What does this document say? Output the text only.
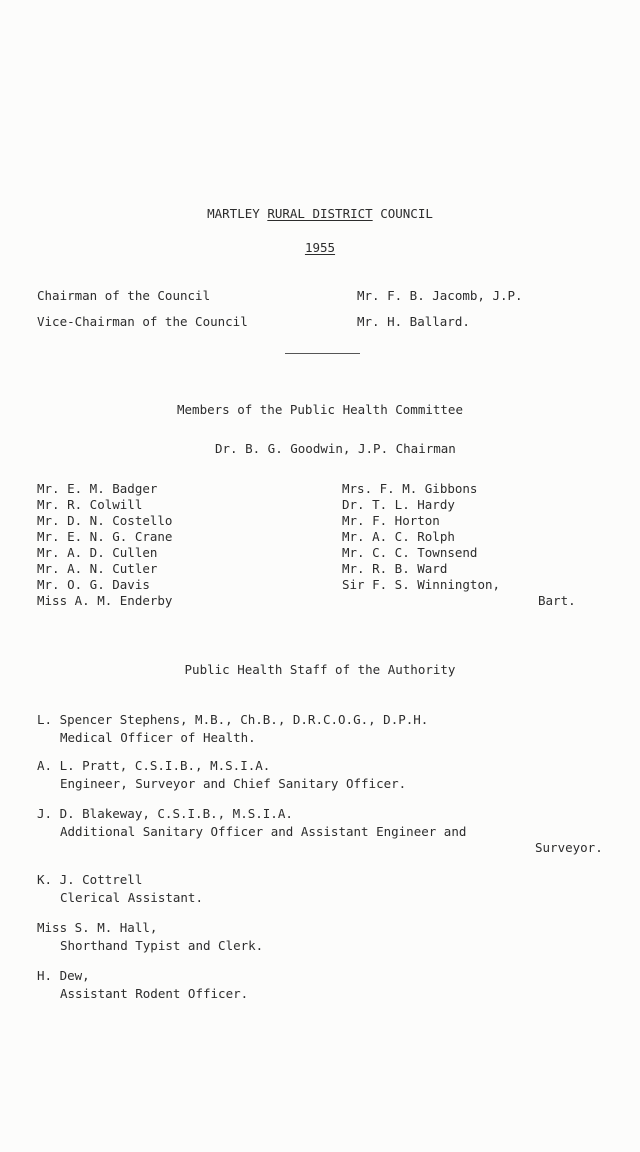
MARTLEY RURAL DISTRICT COUNCIL
1955
Chairman of the Council	Mr. F. B. Jacomb, J.P.
Vice-Chairman of the Council	Mr. H. Ballard.
Members of the Public Health Committee
Dr. B. G. Goodwin, J.P. Chairman
Mr. E. M. Badger
Mr. R. Colwill
Mr. D. N. Costello
Mr. E. N. G. Crane
Mr. A. D. Cullen
Mr. A. N. Cutler
Mr. O. G. Davis
Miss A. M. Enderby
Mrs. F. M. Gibbons
Dr. T. L. Hardy
Mr. F. Horton
Mr. A. C. Rolph
Mr. C. C. Townsend
Mr. R. B. Ward
Sir F. S. Winnington,
Bart.
Public Health Staff of the Authority
L. Spencer Stephens, M.B., Ch.B., D.R.C.O.G., D.P.H.
Medical Officer of Health.
A. L. Pratt, C.S.I.B., M.S.I.A.
Engineer, Surveyor and Chief Sanitary Officer.
J. D. Blakeway, C.S.I.B., M.S.I.A.
Additional Sanitary Officer and Assistant Engineer and
Surveyor.
K. J. Cottrell
Clerical Assistant.
Miss S. M. Hall,
Shorthand Typist and Clerk.
H. Dew,
Assistant Rodent Officer.
